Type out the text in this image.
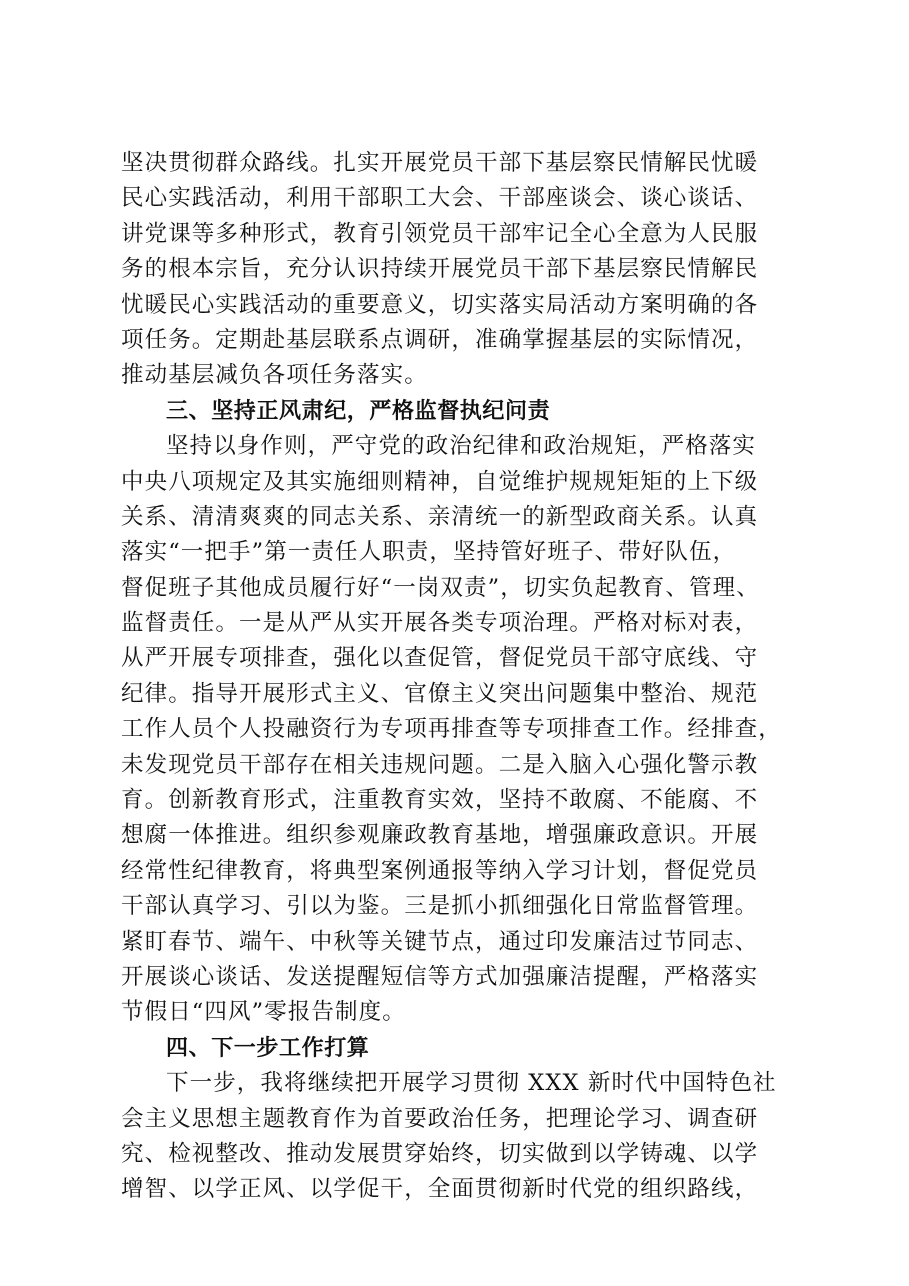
坚决贯彻群众路线。扎实开展党员干部下基层察民情解民忧暖
民心实践活动，利用干部职工大会、干部座谈会、谈心谈话、
讲党课等多种形式，教育引领党员干部牢记全心全意为人民服
务的根本宗旨，充分认识持续开展党员干部下基层察民情解民
忧暖民心实践活动的重要意义，切实落实局活动方案明确的各
项任务。定期赴基层联系点调研，准确掌握基层的实际情况，
推动基层减负各项任务落实。
三、坚持正风肃纪，严格监督执纪问责
坚持以身作则，严守党的政治纪律和政治规矩，严格落实
中央八项规定及其实施细则精神，自觉维护规规矩矩的上下级
关系、清清爽爽的同志关系、亲清统一的新型政商关系。认真
落实“一把手”第一责任人职责，坚持管好班子、带好队伍，
督促班子其他成员履行好“一岗双责”，切实负起教育、管理、
监督责任。一是从严从实开展各类专项治理。严格对标对表，
从严开展专项排查，强化以查促管，督促党员干部守底线、守
纪律。指导开展形式主义、官僚主义突出问题集中整治、规范
工作人员个人投融资行为专项再排查等专项排查工作。经排查，
未发现党员干部存在相关违规问题。二是入脑入心强化警示教
育。创新教育形式，注重教育实效，坚持不敢腐、不能腐、不
想腐一体推进。组织参观廉政教育基地，增强廉政意识。开展
经常性纪律教育，将典型案例通报等纳入学习计划，督促党员
干部认真学习、引以为鉴。三是抓小抓细强化日常监督管理。
紧盯春节、端午、中秋等关键节点，通过印发廉洁过节同志、
开展谈心谈话、发送提醒短信等方式加强廉洁提醒，严格落实
节假日“四风”零报告制度。
四、下一步工作打算
下一步，我将继续把开展学习贯彻 XXX 新时代中国特色社
会主义思想主题教育作为首要政治任务，把理论学习、调查研
究、检视整改、推动发展贯穿始终，切实做到以学铸魂、以学
增智、以学正风、以学促干，全面贯彻新时代党的组织路线，
